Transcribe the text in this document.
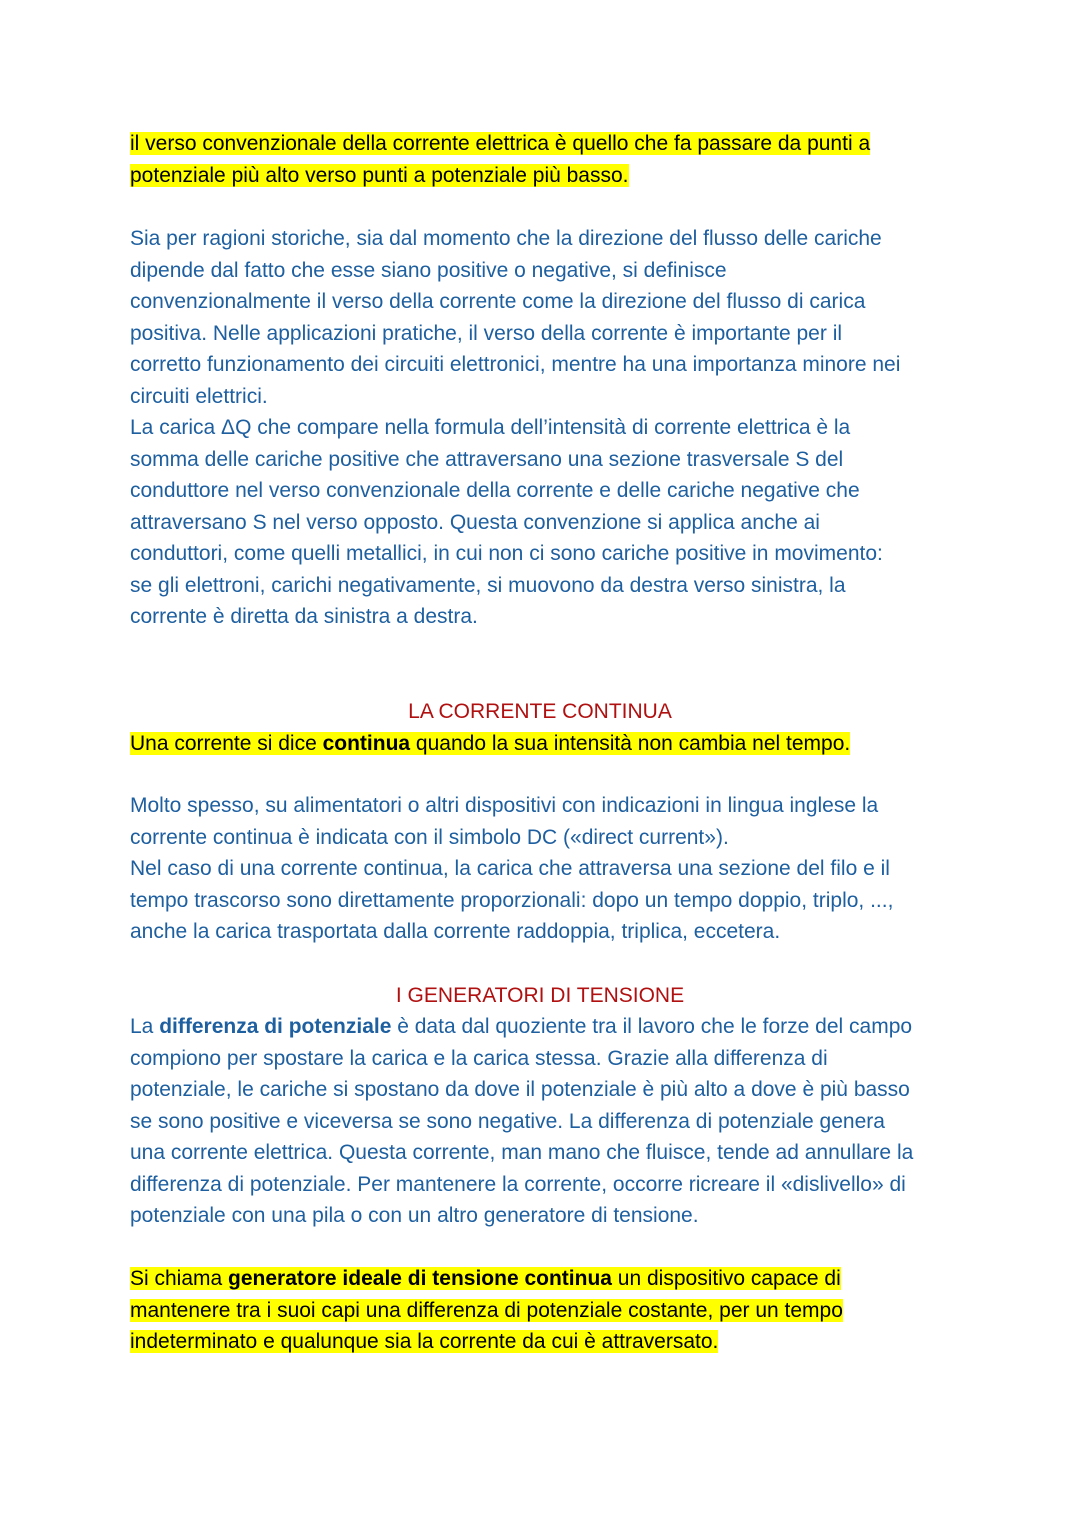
il verso convenzionale della corrente elettrica è quello che fa passare da punti a
potenziale più alto verso punti a potenziale più basso.

Sia per ragioni storiche, sia dal momento che la direzione del flusso delle cariche
dipende dal fatto che esse siano positive o negative, si definisce
convenzionalmente il verso della corrente come la direzione del flusso di carica
positiva. Nelle applicazioni pratiche, il verso della corrente è importante per il
corretto funzionamento dei circuiti elettronici, mentre ha una importanza minore nei
circuiti elettrici.
La carica ΔQ che compare nella formula dell’intensità di corrente elettrica è la
somma delle cariche positive che attraversano una sezione trasversale S del
conduttore nel verso convenzionale della corrente e delle cariche negative che
attraversano S nel verso opposto. Questa convenzione si applica anche ai
conduttori, come quelli metallici, in cui non ci sono cariche positive in movimento:
se gli elettroni, carichi negativamente, si muovono da destra verso sinistra, la
corrente è diretta da sinistra a destra.

LA CORRENTE CONTINUA

Una corrente si dice continua quando la sua intensità non cambia nel tempo.

Molto spesso, su alimentatori o altri dispositivi con indicazioni in lingua inglese la
corrente continua è indicata con il simbolo DC («direct current»).
Nel caso di una corrente continua, la carica che attraversa una sezione del filo e il
tempo trascorso sono direttamente proporzionali: dopo un tempo doppio, triplo, ...,
anche la carica trasportata dalla corrente raddoppia, triplica, eccetera.

I GENERATORI DI TENSIONE

La differenza di potenziale è data dal quoziente tra il lavoro che le forze del campo
compiono per spostare la carica e la carica stessa. Grazie alla differenza di
potenziale, le cariche si spostano da dove il potenziale è più alto a dove è più basso
se sono positive e viceversa se sono negative. La differenza di potenziale genera
una corrente elettrica. Questa corrente, man mano che fluisce, tende ad annullare la
differenza di potenziale. Per mantenere la corrente, occorre ricreare il «dislivello» di
potenziale con una pila o con un altro generatore di tensione.

Si chiama generatore ideale di tensione continua un dispositivo capace di
mantenere tra i suoi capi una differenza di potenziale costante, per un tempo
indeterminato e qualunque sia la corrente da cui è attraversato.
